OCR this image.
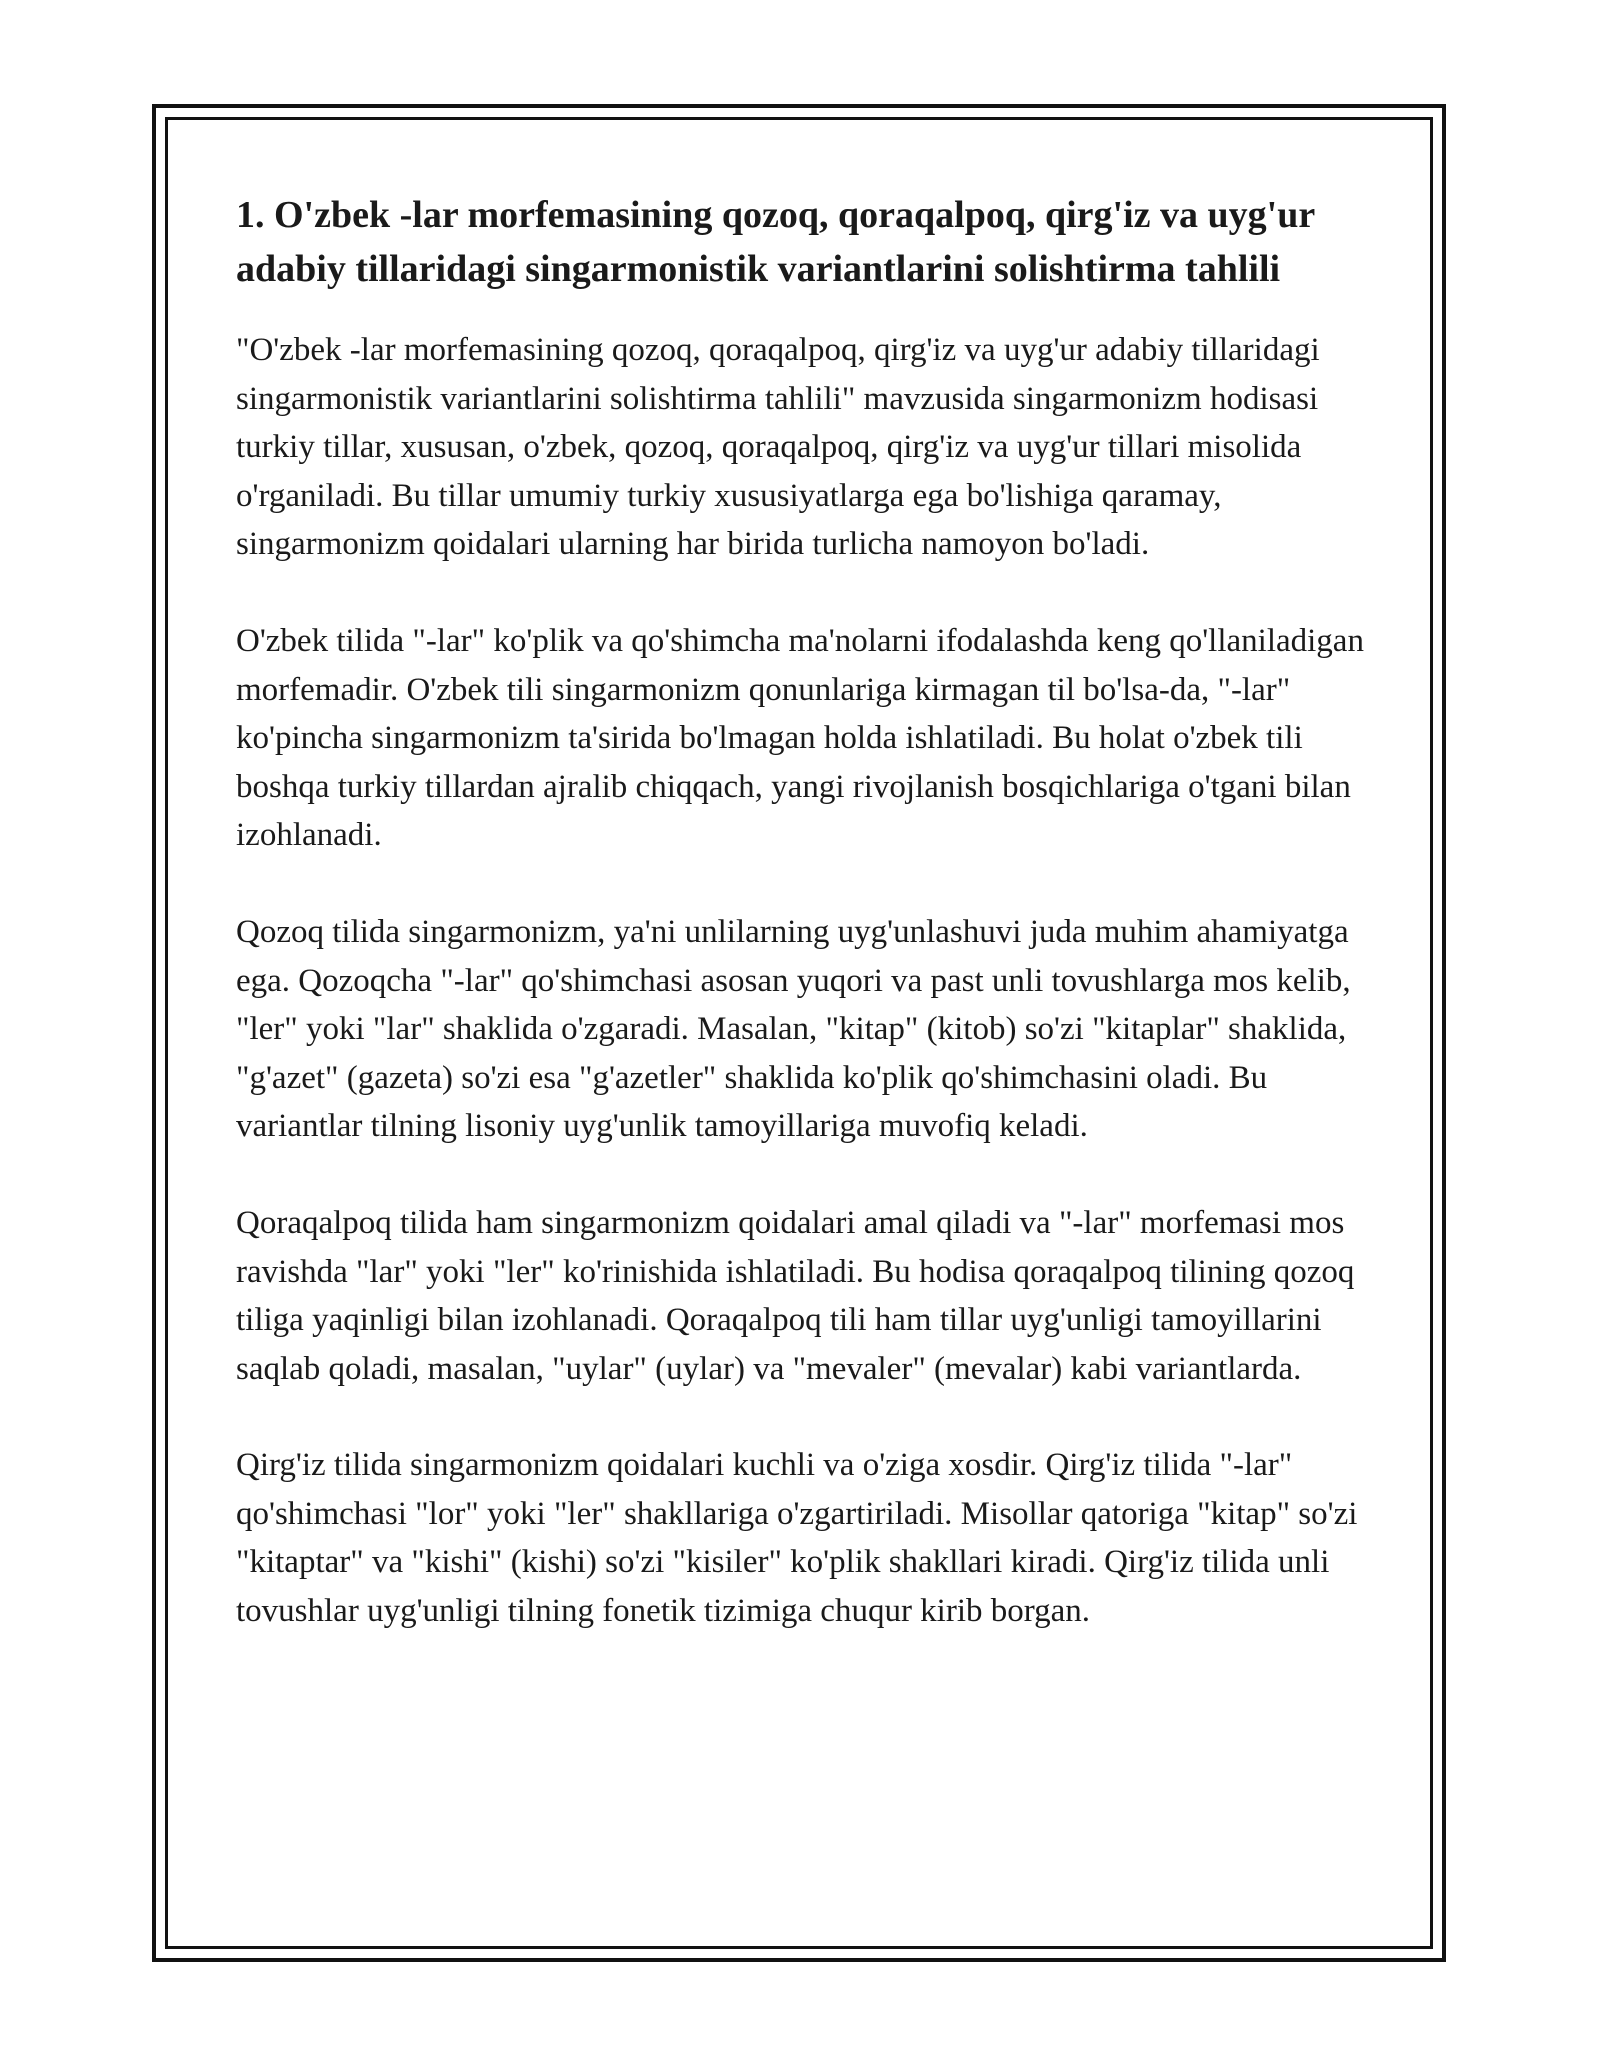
1. O'zbek -lar morfemasining qozoq, qoraqalpoq, qirg'iz va uyg'ur adabiy tillaridagi singarmonistik variantlarini solishtirma tahlili

"O'zbek -lar morfemasining qozoq, qoraqalpoq, qirg'iz va uyg'ur adabiy tillaridagi singarmonistik variantlarini solishtirma tahlili" mavzusida singarmonizm hodisasi turkiy tillar, xususan, o'zbek, qozoq, qoraqalpoq, qirg'iz va uyg'ur tillari misolida o'rganiladi. Bu tillar umumiy turkiy xususiyatlarga ega bo'lishiga qaramay, singarmonizm qoidalari ularning har birida turlicha namoyon bo'ladi.

O'zbek tilida "-lar" ko'plik va qo'shimcha ma'nolarni ifodalashda keng qo'llaniladigan morfemadir. O'zbek tili singarmonizm qonunlariga kirmagan til bo'lsa-da, "-lar" ko'pincha singarmonizm ta'sirida bo'lmagan holda ishlatiladi. Bu holat o'zbek tili boshqa turkiy tillardan ajralib chiqqach, yangi rivojlanish bosqichlariga o'tgani bilan izohlanadi.

Qozoq tilida singarmonizm, ya'ni unlilarning uyg'unlashuvi juda muhim ahamiyatga ega. Qozoqcha "-lar" qo'shimchasi asosan yuqori va past unli tovushlarga mos kelib, "ler" yoki "lar" shaklida o'zgaradi. Masalan, "kitap" (kitob) so'zi "kitaplar" shaklida, "g'azet" (gazeta) so'zi esa "g'azetler" shaklida ko'plik qo'shimchasini oladi. Bu variantlar tilning lisoniy uyg'unlik tamoyillariga muvofiq keladi.

Qoraqalpoq tilida ham singarmonizm qoidalari amal qiladi va "-lar" morfemasi mos ravishda "lar" yoki "ler" ko'rinishida ishlatiladi. Bu hodisa qoraqalpoq tilining qozoq tiliga yaqinligi bilan izohlanadi. Qoraqalpoq tili ham tillar uyg'unligi tamoyillarini saqlab qoladi, masalan, "uylar" (uylar) va "mevaler" (mevalar) kabi variantlarda.

Qirg'iz tilida singarmonizm qoidalari kuchli va o'ziga xosdir. Qirg'iz tilida "-lar" qo'shimchasi "lor" yoki "ler" shakllariga o'zgartiriladi. Misollar qatoriga "kitap" so'zi "kitaptar" va "kishi" (kishi) so'zi "kisiler" ko'plik shakllari kiradi. Qirg'iz tilida unli tovushlar uyg'unligi tilning fonetik tizimiga chuqur kirib borgan.
